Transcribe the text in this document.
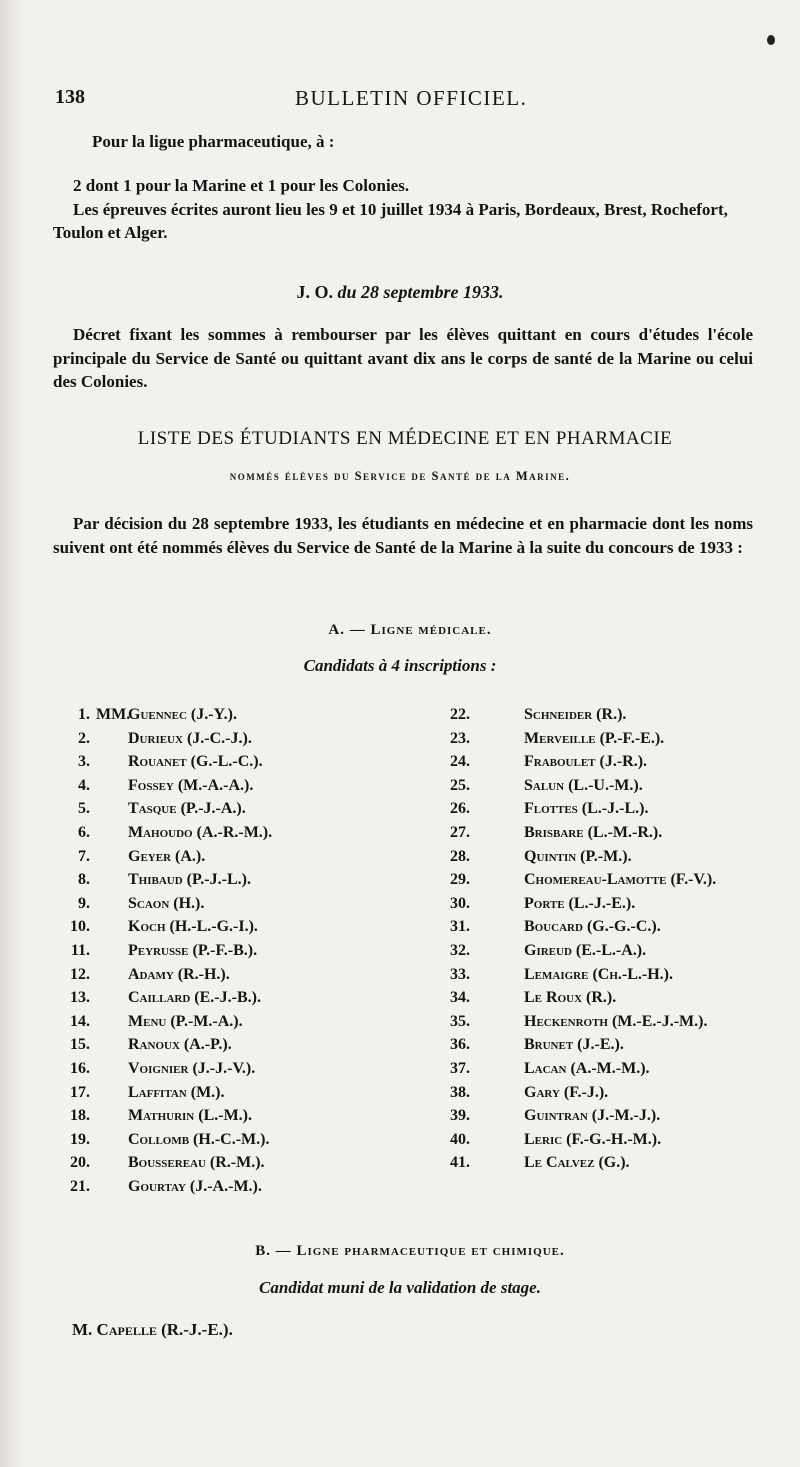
138	BULLETIN OFFICIEL.

Pour la ligue pharmaceutique, à :

2 dont 1 pour la Marine et 1 pour les Colonies.
Les épreuves écrites auront lieu les 9 et 10 juillet 1934 à Paris, Bordeaux, Brest, Rochefort, Toulon et Alger.

J. O. du 28 septembre 1933.

Décret fixant les sommes à rembourser par les élèves quittant en cours d'études l'école principale du Service de Santé ou quittant avant dix ans le corps de santé de la Marine ou celui des Colonies.

LISTE DES ÉTUDIANTS EN MÉDECINE ET EN PHARMACIE
nommés élèves du Service de Santé de la Marine.

Par décision du 28 septembre 1933, les étudiants en médecine et en pharmacie dont les noms suivent ont été nommés élèves du Service de Santé de la Marine à la suite du concours de 1933 :

A. — Ligne médicale.
Candidats à 4 inscriptions :
MM.
1. Guennec (J.-Y.).
2. Durieux (J.-C.-J.).
3. Rouanet (G.-L.-C.).
4. Fossey (M.-A.-A.).
5. Tasque (P.-J.-A.).
6. Mahoudo (A.-R.-M.).
7. Geyer (A.).
8. Thibaud (P.-J.-L.).
9. Scaon (H.).
10. Koch (H.-L.-G.-I.).
11. Peyrusse (P.-F.-B.).
12. Adamy (R.-H.).
13. Caillard (E.-J.-B.).
14. Menu (P.-M.-A.).
15. Ranoux (A.-P.).
16. Voignier (J.-J.-V.).
17. Laffitan (M.).
18. Mathurin (L.-M.).
19. Collomb (H.-C.-M.).
20. Boussereau (R.-M.).
21. Gourtay (J.-A.-M.).
22.	Schneider (R.).
23.	Merveille (P.-F.-E.).
24.	Fraboulet (J.-R.).
25.	Salun (L.-U.-M.).
26.	Flottes (L.-J.-L.).
27.	Brisbare (L.-M.-R.).
28.	Quintin (P.-M.).
29.	Chomereau-Lamotte (F.-V.).
30.	Porte (L.-J.-E.).
31.	Boucard (G.-G.-C.).
32.	Gireud (E.-L.-A.).
33.	Lemaigre (Ch.-L.-H.).
34.	Le Roux (R.).
35.	Heckenroth (M.-E.-J.-M.).
36.	Brunet (J.-E.).
37.	Lacan (A.-M.-M.).
38.	Gary (F.-J.).
39.	Guintran (J.-M.-J.).
40.	Leric (F.-G.-H.-M.).
41.	Le Calvez (G.).
B. — Ligne pharmaceutique et chimique.
Candidat muni de la validation de stage.
M. Capelle (R.-J.-E.).
